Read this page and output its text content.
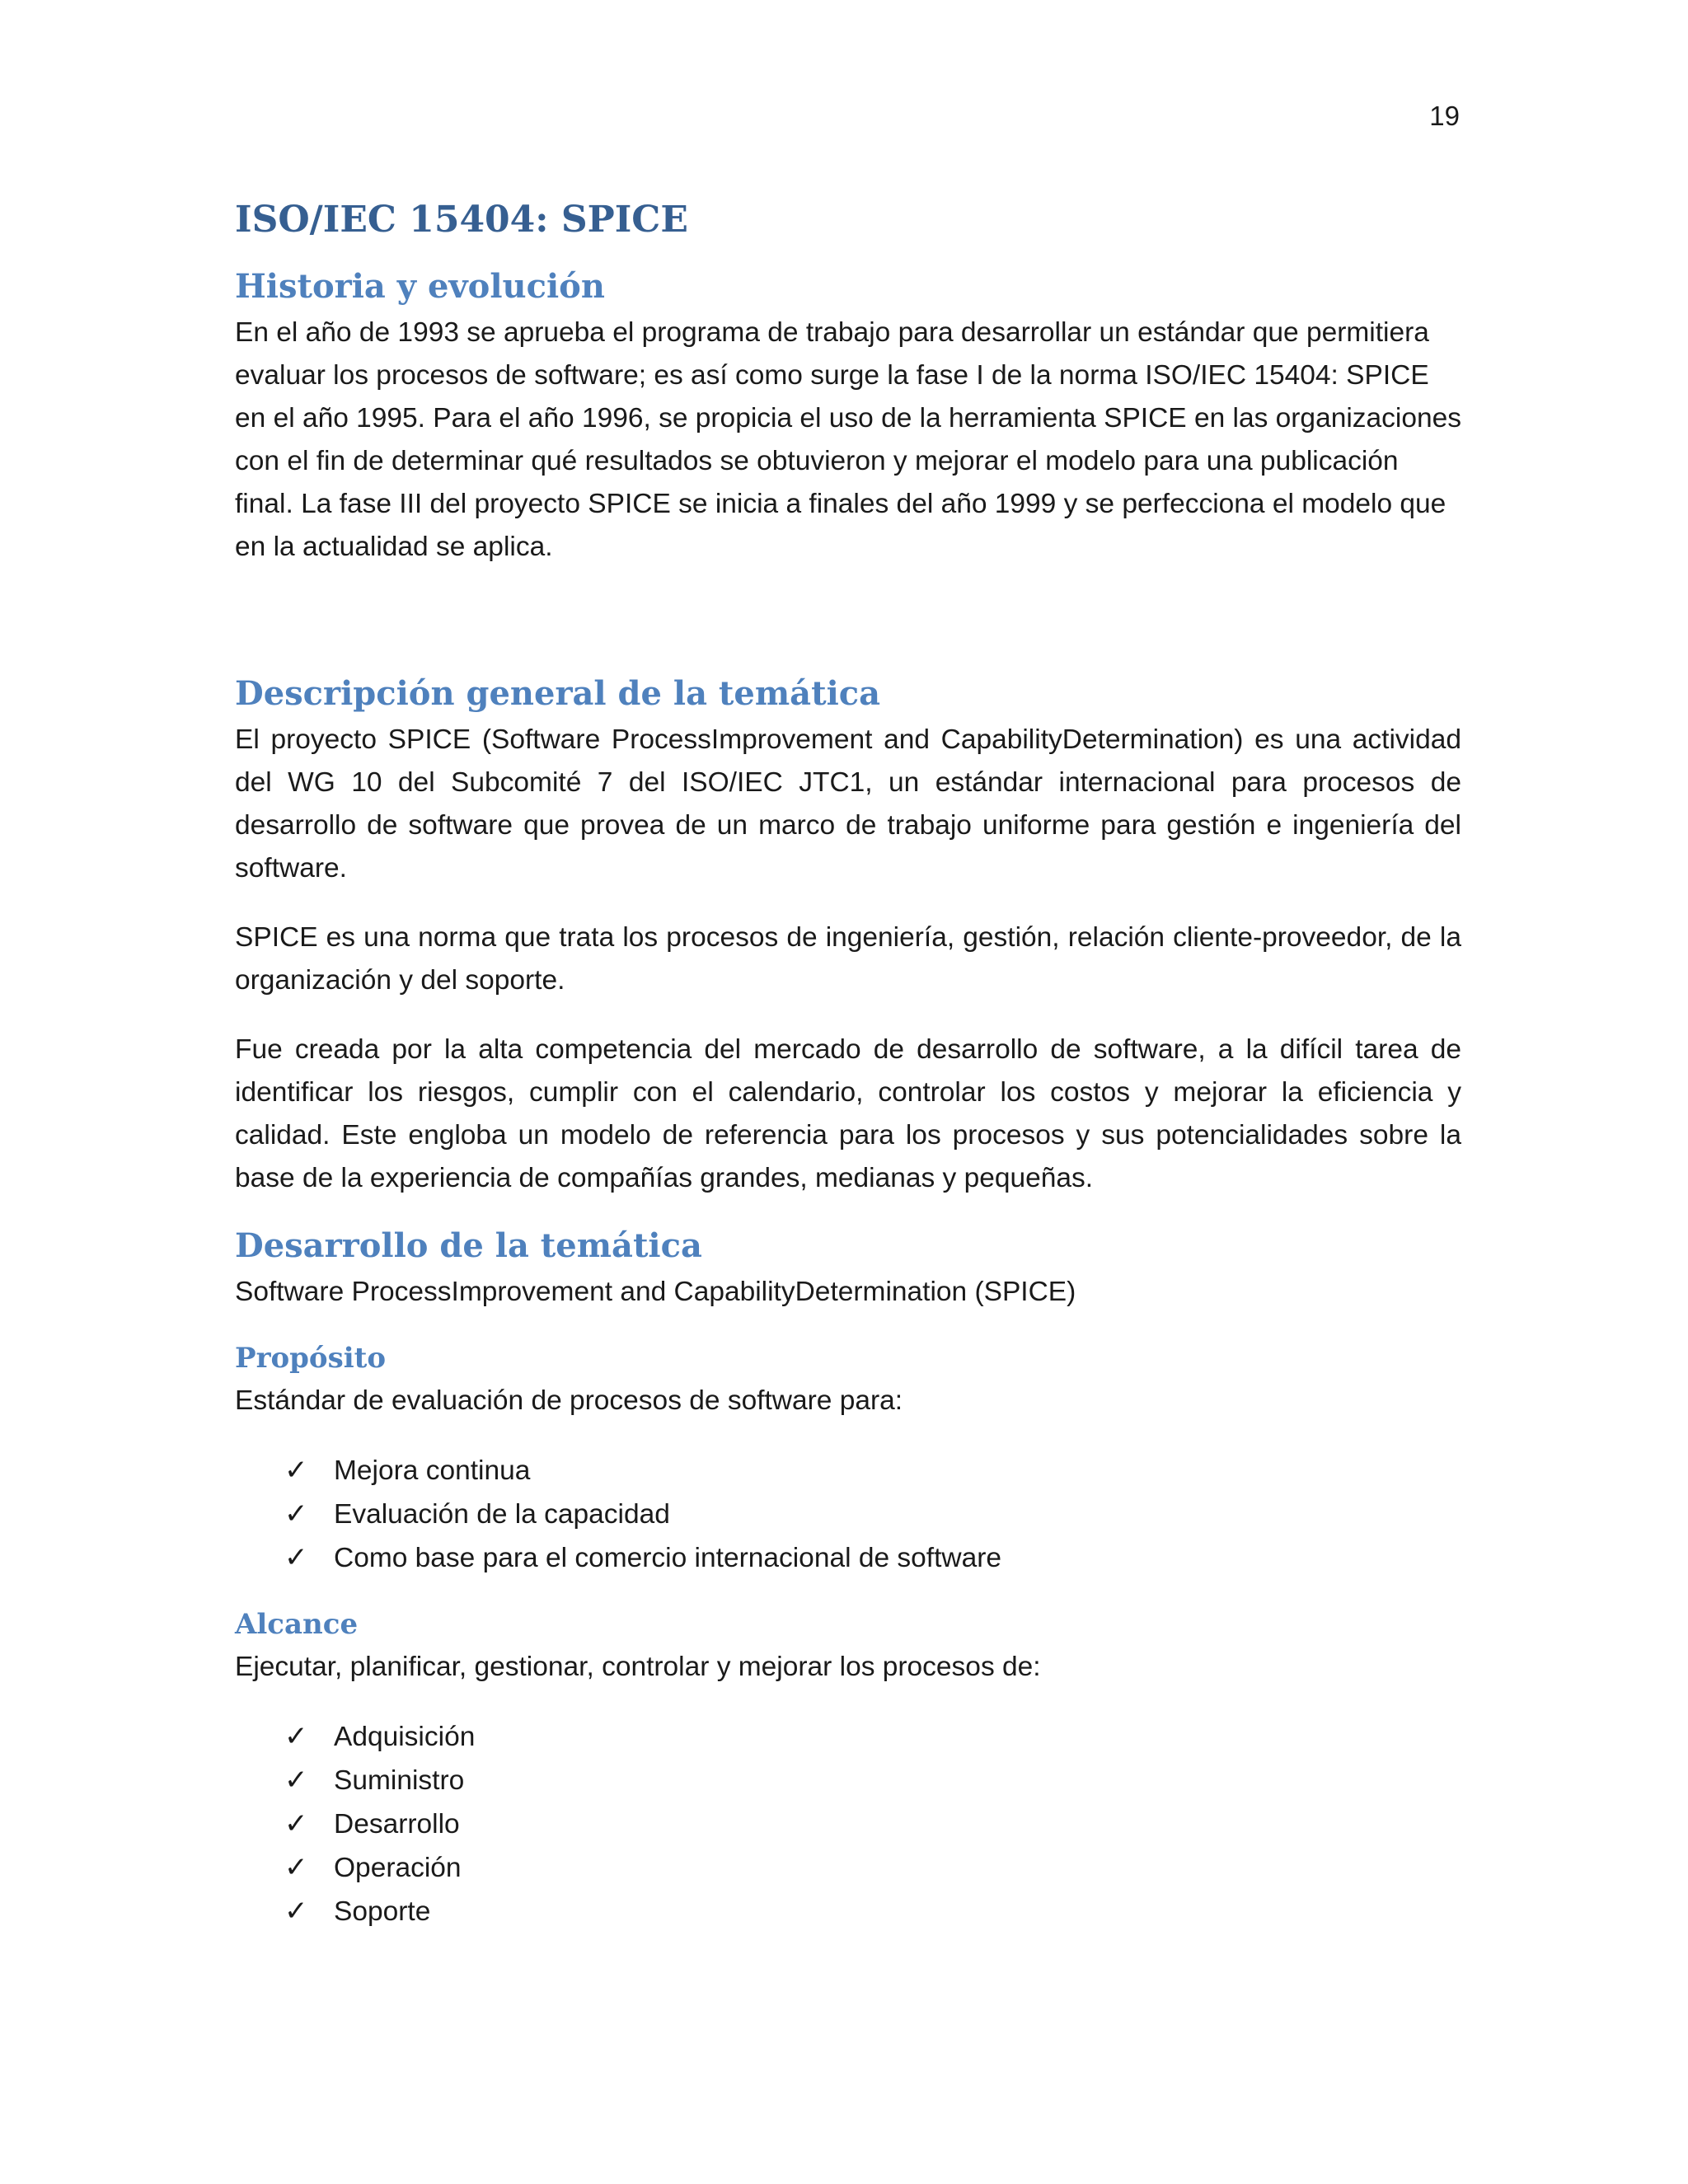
19
ISO/IEC 15404: SPICE
Historia y evolución

En el año de 1993 se aprueba el programa de trabajo para desarrollar un estándar que permitiera evaluar los procesos de software; es así como surge la fase I de la norma ISO/IEC 15404: SPICE en el año 1995. Para el año 1996, se propicia el uso de la herramienta SPICE en las organizaciones con el fin de determinar qué resultados se obtuvieron y mejorar el modelo para una publicación final. La fase III del proyecto SPICE se inicia a finales del año 1999 y se perfecciona el modelo que en la actualidad se aplica.

Descripción general de la temática

El proyecto SPICE (Software ProcessImprovement and CapabilityDetermination) es una actividad del WG 10 del Subcomité 7 del ISO/IEC JTC1, un estándar internacional para procesos de desarrollo de software que provea de un marco de trabajo uniforme para gestión e ingeniería del software.

SPICE es una norma que trata los procesos de ingeniería, gestión, relación cliente-proveedor, de la organización y del soporte.

Fue creada por la alta competencia del mercado de desarrollo de software, a la difícil tarea de identificar los riesgos, cumplir con el calendario, controlar los costos y mejorar la eficiencia y calidad. Este engloba un modelo de referencia para los procesos y sus potencialidades sobre la base de la experiencia de compañías grandes, medianas y pequeñas.

Desarrollo de la temática

Software ProcessImprovement and CapabilityDetermination (SPICE)

Propósito

Estándar de evaluación de procesos de software para:

✓ Mejora continua
✓ Evaluación de la capacidad
✓ Como base para el comercio internacional de software
Alcance

Ejecutar, planificar, gestionar, controlar y mejorar los procesos de:

✓ Adquisición
✓ Suministro
✓ Desarrollo
✓ Operación
✓ Soporte
